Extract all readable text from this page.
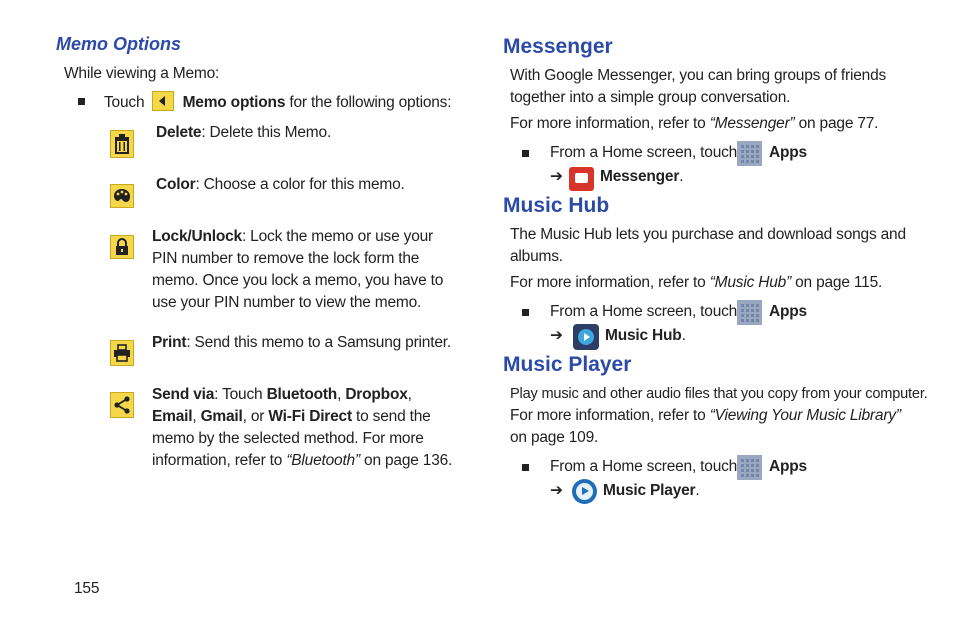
Memo Options
While viewing a Memo:
Touch Memo options for the following options:
Delete: Delete this Memo.
Color: Choose a color for this memo.
Lock/Unlock: Lock the memo or use your PIN number to remove the lock form the memo. Once you lock a memo, you have to use your PIN number to view the memo.
Print: Send this memo to a Samsung printer.
Send via: Touch Bluetooth, Dropbox, Email, Gmail, or Wi-Fi Direct to send the memo by the selected method. For more information, refer to “Bluetooth” on page 136.
155
Messenger
With Google Messenger, you can bring groups of friends together into a simple group conversation.
For more information, refer to “Messenger” on page 77.
From a Home screen, touch Apps
➔ Messenger.
Music Hub
The Music Hub lets you purchase and download songs and albums.
For more information, refer to “Music Hub” on page 115.
From a Home screen, touch Apps
➔	Music Hub.
Music Player
Play music and other audio files that you copy from your computer.
For more information, refer to “Viewing Your Music Library”
on page 109.
From a Home screen, touch Apps
➔	Music Player.
